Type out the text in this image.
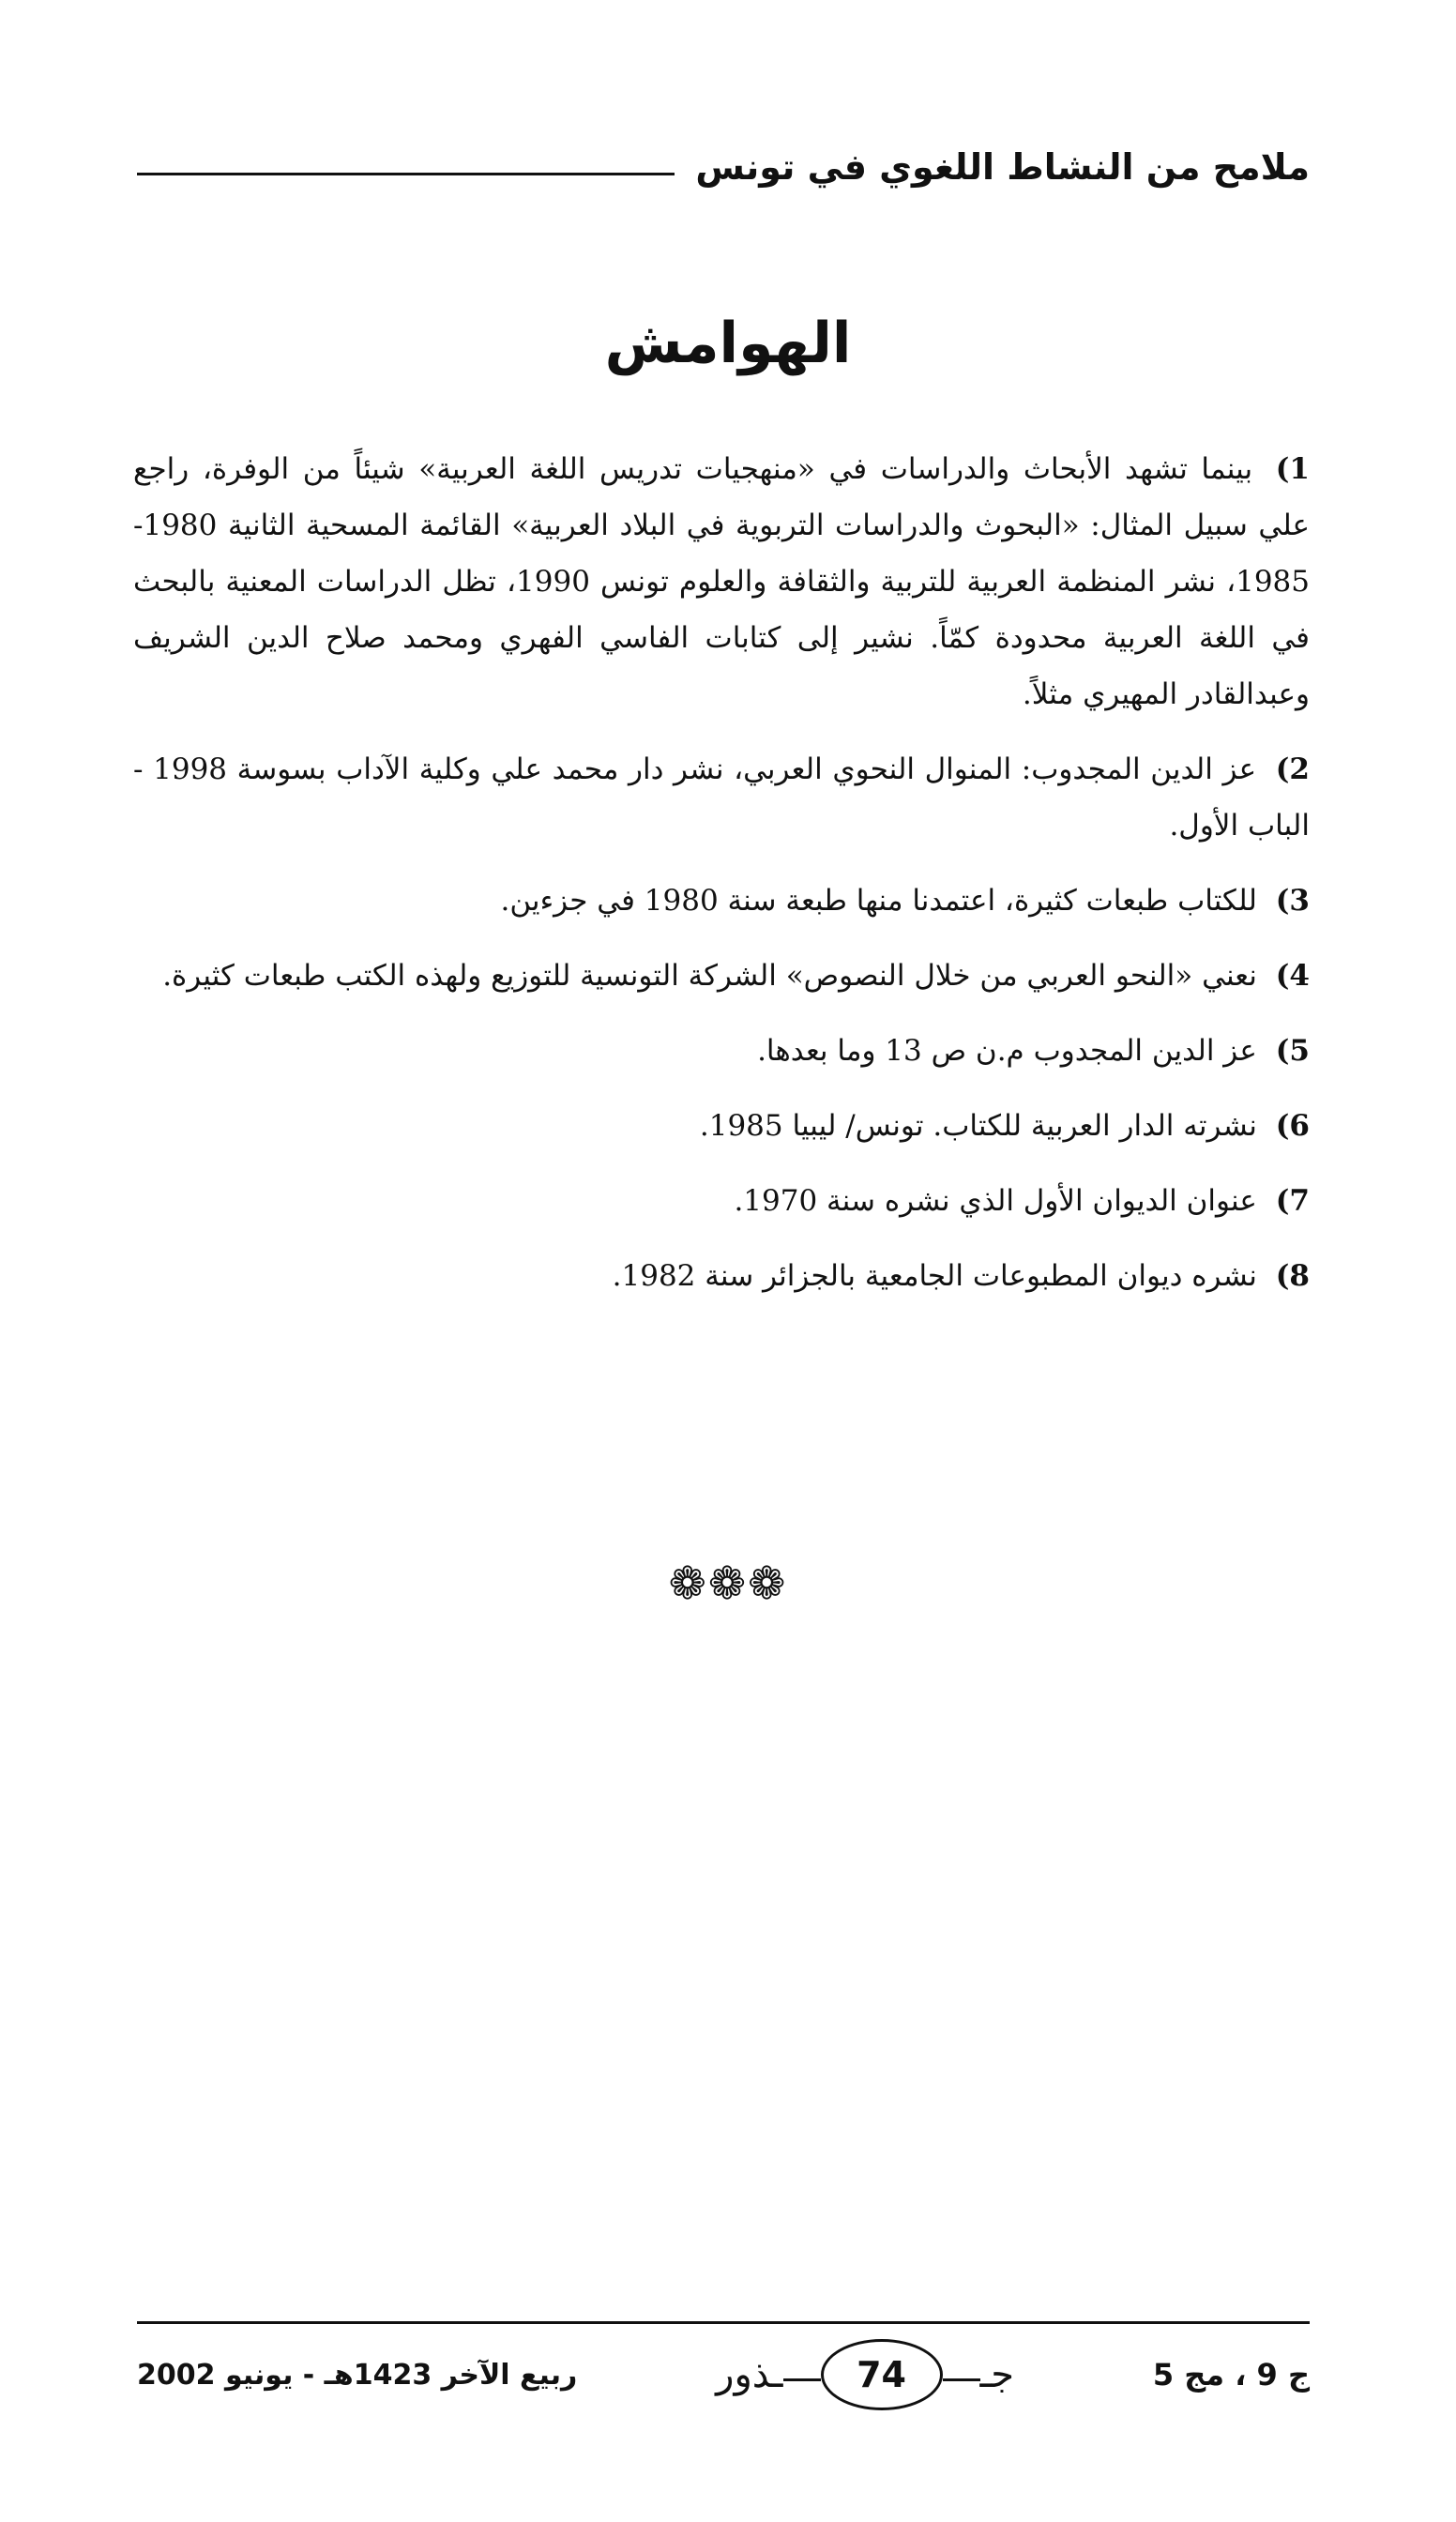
ملامح من النشاط اللغوي في تونس
الهوامش
1) بينما تشهد الأبحاث والدراسات في «منهجيات تدريس اللغة العربية» شيئاً من الوفرة، راجع علي سبيل المثال: «البحوث والدراسات التربوية في البلاد العربية» القائمة المسحية الثانية 1980-1985، نشر المنظمة العربية للتربية والثقافة والعلوم تونس 1990، تظل الدراسات المعنية بالبحث في اللغة العربية محدودة كمّاً. نشير إلى كتابات الفاسي الفهري ومحمد صلاح الدين الشريف وعبدالقادر المهيري مثلاً.
2) عز الدين المجدوب: المنوال النحوي العربي، نشر دار محمد علي وكلية الآداب بسوسة 1998 - الباب الأول.
3) للكتاب طبعات كثيرة، اعتمدنا منها طبعة سنة 1980 في جزءين.
4) نعني «النحو العربي من خلال النصوص» الشركة التونسية للتوزيع ولهذه الكتب طبعات كثيرة.
5) عز الدين المجدوب م.ن ص 13 وما بعدها.
6) نشرته الدار العربية للكتاب. تونس/ ليبيا 1985.
7) عنوان الديوان الأول الذي نشره سنة 1970.
8) نشره ديوان المطبوعات الجامعية بالجزائر سنة 1982.
❁❁❁
ج 9 ، مج 5
جـ
74
ـذور
ربيع الآخر 1423هـ - يونيو 2002
